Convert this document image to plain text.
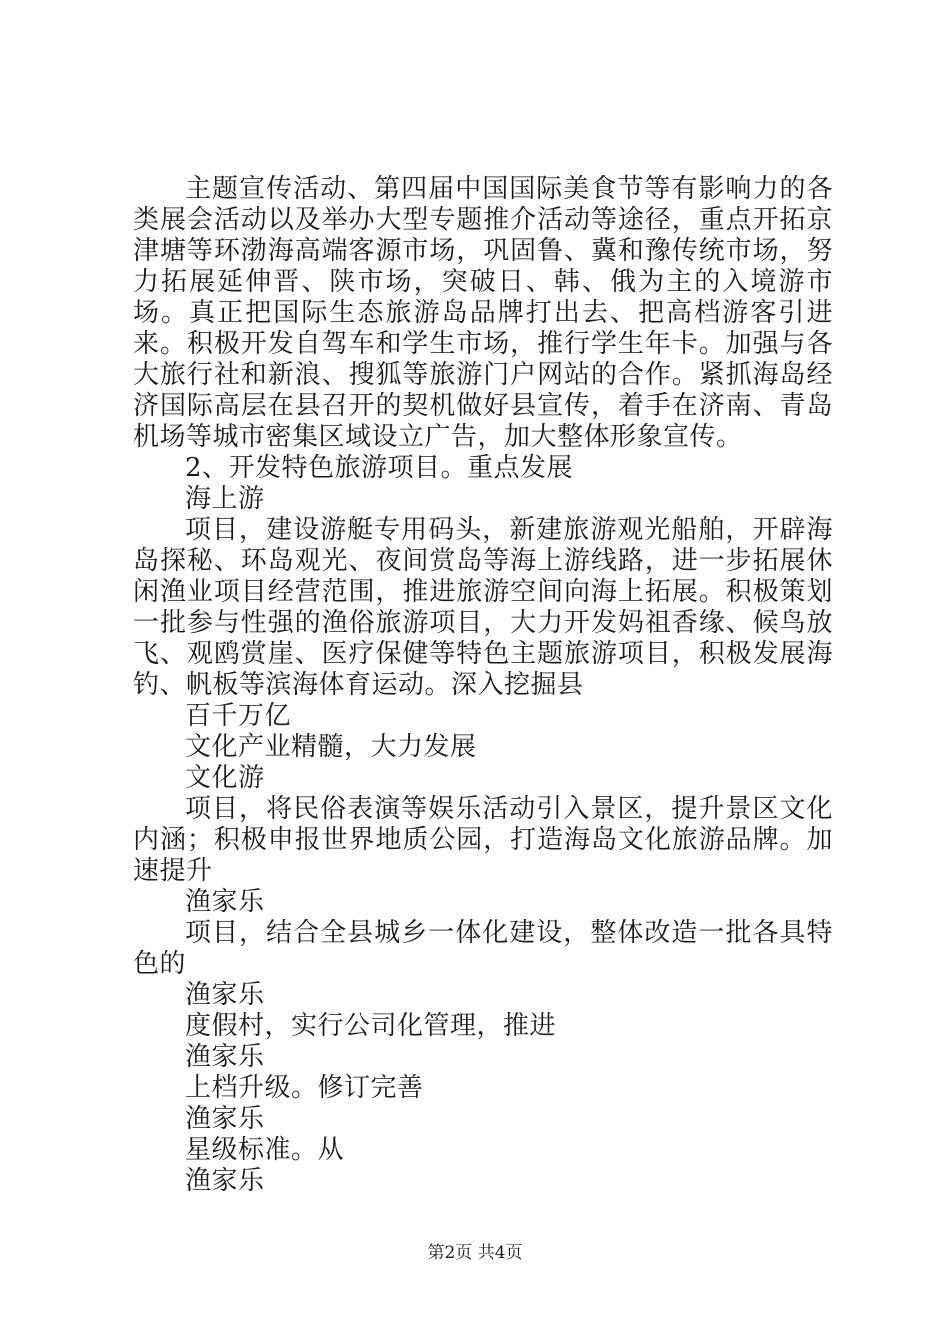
主题宣传活动、第四届中国国际美食节等有影响力的各类展会活动以及举办大型专题推介活动等途径，重点开拓京津塘等环渤海高端客源市场，巩固鲁、冀和豫传统市场，努力拓展延伸晋、陕市场，突破日、韩、俄为主的入境游市场。真正把国际生态旅游岛品牌打出去、把高档游客引进来。积极开发自驾车和学生市场，推行学生年卡。加强与各大旅行社和新浪、搜狐等旅游门户网站的合作。紧抓海岛经济国际高层在县召开的契机做好县宣传，着手在济南、青岛机场等城市密集区域设立广告，加大整体形象宣传。

2、开发特色旅游项目。重点发展

海上游

项目，建设游艇专用码头，新建旅游观光船舶，开辟海岛探秘、环岛观光、夜间赏岛等海上游线路，进一步拓展休闲渔业项目经营范围，推进旅游空间向海上拓展。积极策划一批参与性强的渔俗旅游项目，大力开发妈祖香缘、候鸟放飞、观鸥赏崖、医疗保健等特色主题旅游项目，积极发展海钓、帆板等滨海体育运动。深入挖掘县

百千万亿

文化产业精髓，大力发展

文化游

项目，将民俗表演等娱乐活动引入景区，提升景区文化内涵；积极申报世界地质公园，打造海岛文化旅游品牌。加速提升

渔家乐

项目，结合全县城乡一体化建设，整体改造一批各具特色的

渔家乐

度假村，实行公司化管理，推进

渔家乐

上档升级。修订完善

渔家乐

星级标准。从

渔家乐

第2页 共4页
